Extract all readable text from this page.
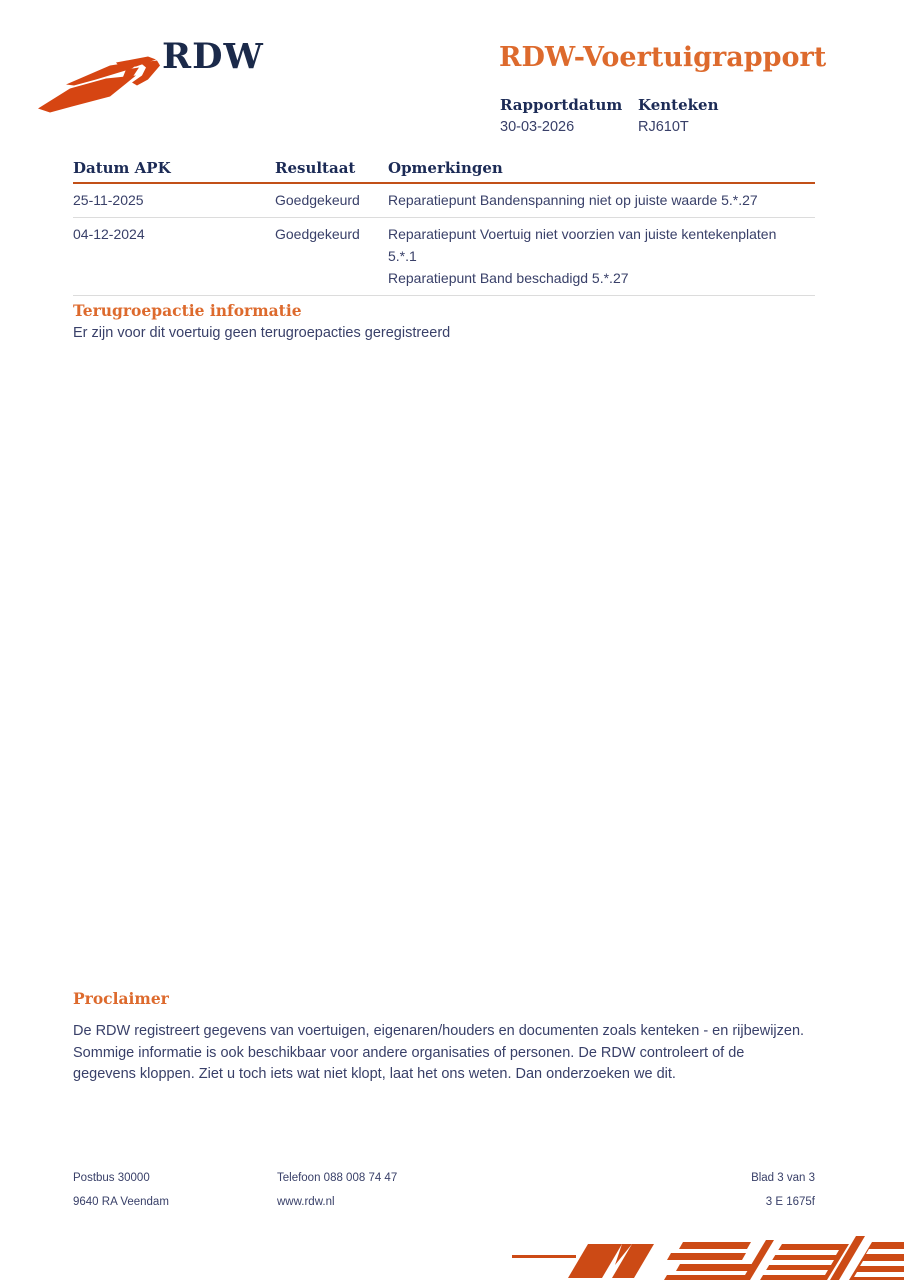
RDW	RDW-Voertuigrapport
Rapportdatum Kenteken
30-03-2026	RJ610T
Datum APK	Resultaat	Opmerkingen
25-11-2025	Goedgekeurd	Reparatiepunt Bandenspanning niet op juiste waarde 5.*.27
04-12-2024	Goedgekeurd	Reparatiepunt Voertuig niet voorzien van juiste kentekenplaten 5.*.1
Reparatiepunt Band beschadigd 5.*.27
Terugroepactie informatie
Er zijn voor dit voertuig geen terugroepacties geregistreerd
Proclaimer
De RDW registreert gegevens van voertuigen, eigenaren/houders en documenten zoals kenteken - en rijbewijzen. Sommige informatie is ook beschikbaar voor andere organisaties of personen. De RDW controleert of de gegevens kloppen. Ziet u toch iets wat niet klopt, laat het ons weten. Dan onderzoeken we dit.
Postbus 30000
9640 RA Veendam
Telefoon 088 008 74 47
www.rdw.nl
Blad 3 van 3
3 E 1675f
